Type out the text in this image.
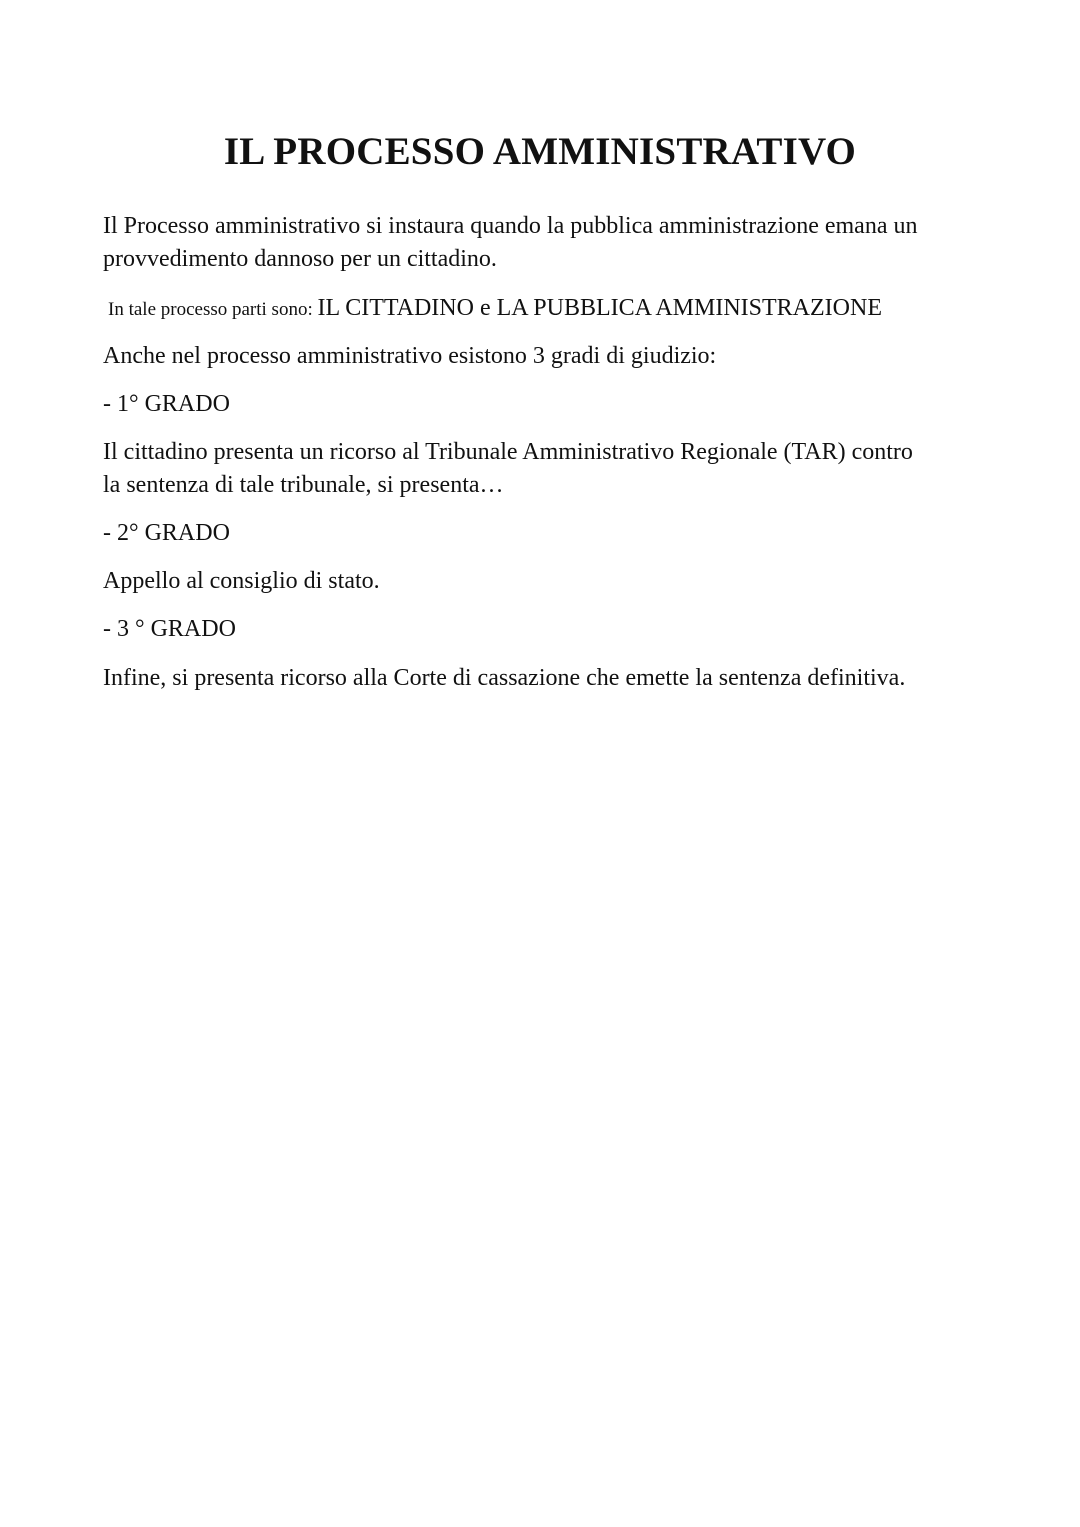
IL PROCESSO AMMINISTRATIVO

Il Processo amministrativo si instaura quando la pubblica amministrazione emana un
provvedimento dannoso per un cittadino.

In tale processo parti sono: IL CITTADINO e LA PUBBLICA AMMINISTRAZIONE

Anche nel processo amministrativo esistono 3 gradi di giudizio:

- 1° GRADO

Il cittadino presenta un ricorso al Tribunale Amministrativo Regionale (TAR) contro
la sentenza di tale tribunale, si presenta…

- 2° GRADO

Appello al consiglio di stato.

- 3 ° GRADO

Infine, si presenta ricorso alla Corte di cassazione che emette la sentenza definitiva.
